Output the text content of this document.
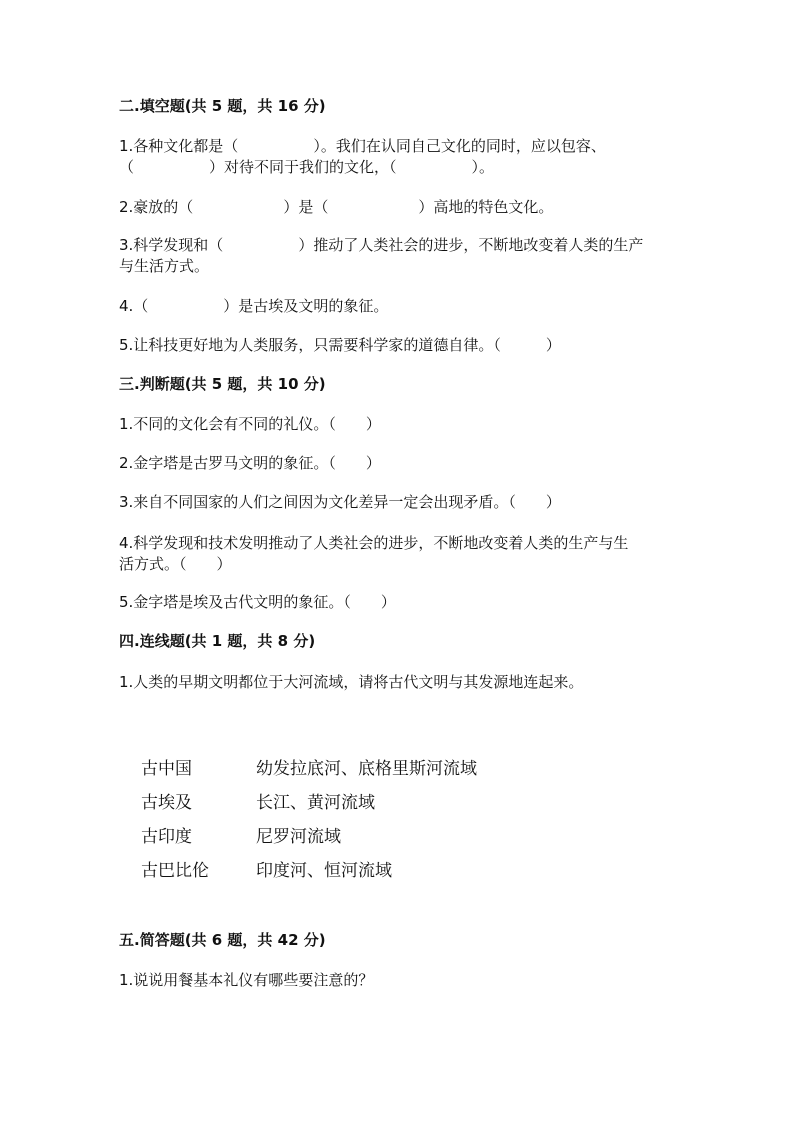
二.填空题(共 5 题，共 16 分)

1.各种文化都是（　　　　　）。我们在认同自己文化的同时，应以包容、

（　　　　　）对待不同于我们的文化，（　　　　　）。

2.豪放的（　　　　　　）是（　　　　　　）高地的特色文化。

3.科学发现和（　　　　　）推动了人类社会的进步，不断地改变着人类的生产

与生活方式。

4.（　　　　　）是古埃及文明的象征。

5.让科技更好地为人类服务，只需要科学家的道德自律。（　　　）

三.判断题(共 5 题，共 10 分)

1.不同的文化会有不同的礼仪。（　　）

2.金字塔是古罗马文明的象征。（　　）

3.来自不同国家的人们之间因为文化差异一定会出现矛盾。（　　）

4.科学发现和技术发明推动了人类社会的进步，不断地改变着人类的生产与生

活方式。（　　）

5.金字塔是埃及古代文明的象征。（　　）

四.连线题(共 1 题，共 8 分)

1.人类的早期文明都位于大河流域，请将古代文明与其发源地连起来。

古中国	幼发拉底河、底格里斯河流域
古埃及	长江、黄河流域
古印度	尼罗河流域
古巴比伦	印度河、恒河流域

五.简答题(共 6 题，共 42 分)

1.说说用餐基本礼仪有哪些要注意的？
